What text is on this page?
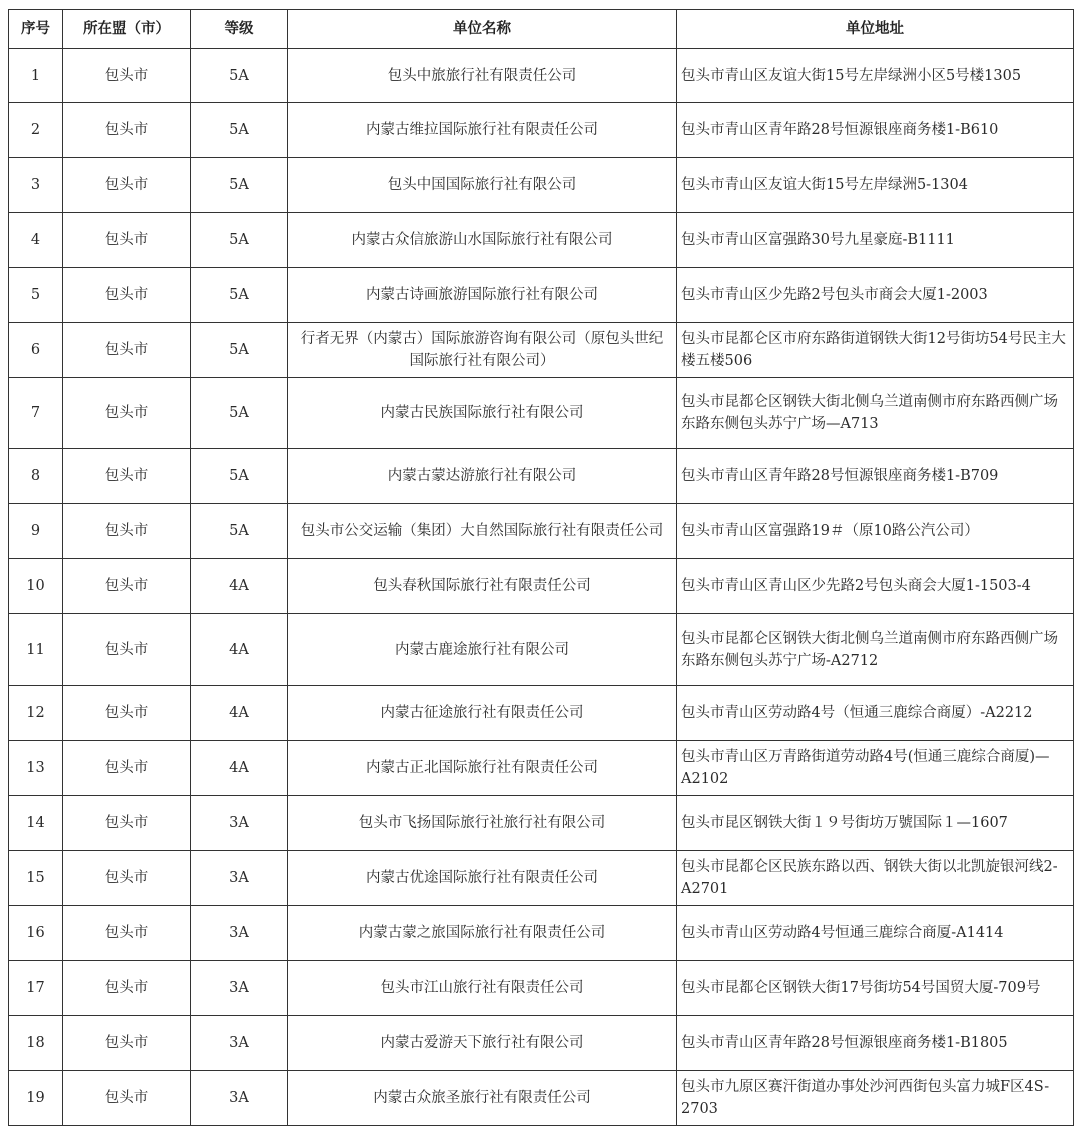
序号	所在盟（市）	等级	单位名称	单位地址
1	包头市	5A	包头中旅旅行社有限责任公司	包头市青山区友谊大街15号左岸绿洲小区5号楼1305
2	包头市	5A	内蒙古维拉国际旅行社有限责任公司	包头市青山区青年路28号恒源银座商务楼1-B610
3	包头市	5A	包头中国国际旅行社有限公司	包头市青山区友谊大街15号左岸绿洲5-1304
4	包头市	5A	内蒙古众信旅游山水国际旅行社有限公司	包头市青山区富强路30号九星豪庭-B1111
5	包头市	5A	内蒙古诗画旅游国际旅行社有限公司	包头市青山区少先路2号包头市商会大厦1-2003
6	包头市	5A	行者无界（内蒙古）国际旅游咨询有限公司（原包头世纪国际旅行社有限公司）	包头市昆都仑区市府东路街道钢铁大街12号街坊54号民主大楼五楼506
7	包头市	5A	内蒙古民族国际旅行社有限公司	包头市昆都仑区钢铁大街北侧乌兰道南侧市府东路西侧广场东路东侧包头苏宁广场—A713
8	包头市	5A	内蒙古蒙达游旅行社有限公司	包头市青山区青年路28号恒源银座商务楼1-B709
9	包头市	5A	包头市公交运输（集团）大自然国际旅行社有限责任公司	包头市青山区富强路19＃（原10路公汽公司）
10	包头市	4A	包头春秋国际旅行社有限责任公司	包头市青山区青山区少先路2号包头商会大厦1-1503-4
11	包头市	4A	内蒙古鹿途旅行社有限公司	包头市昆都仑区钢铁大街北侧乌兰道南侧市府东路西侧广场东路东侧包头苏宁广场-A2712
12	包头市	4A	内蒙古征途旅行社有限责任公司	包头市青山区劳动路4号（恒通三鹿综合商厦）-A2212
13	包头市	4A	内蒙古正北国际旅行社有限责任公司	包头市青山区万青路街道劳动路4号(恒通三鹿综合商厦)—A2102
14	包头市	3A	包头市飞扬国际旅行社旅行社有限公司	包头市昆区钢铁大街１９号街坊万號国际１—1607
15	包头市	3A	内蒙古优途国际旅行社有限责任公司	包头市昆都仑区民族东路以西、钢铁大街以北凯旋银河线2-A2701
16	包头市	3A	内蒙古蒙之旅国际旅行社有限责任公司	包头市青山区劳动路4号恒通三鹿综合商厦-A1414
17	包头市	3A	包头市江山旅行社有限责任公司	包头市昆都仑区钢铁大街17号街坊54号国贸大厦-709号
18	包头市	3A	内蒙古爱游天下旅行社有限公司	包头市青山区青年路28号恒源银座商务楼1-B1805
19	包头市	3A	内蒙古众旅圣旅行社有限责任公司	包头市九原区赛汗街道办事处沙河西街包头富力城F区4S-2703
